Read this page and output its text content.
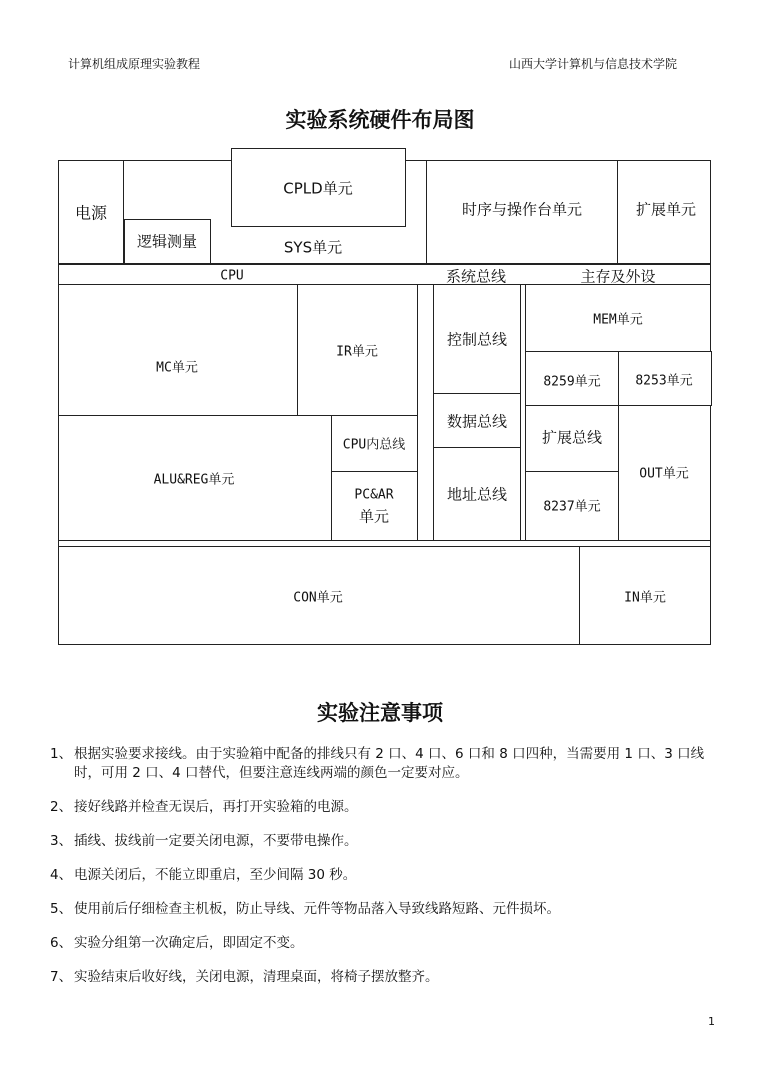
计算机组成原理实验教程	山西大学计算机与信息技术学院
实验系统硬件布局图
电源
逻辑测量
CPLD单元
SYS单元
时序与操作台单元	扩展单元
CPU	系统总线	主存及外设
MC单元
IR单元
ALU&REG单元
CPU内总线
PC&AR
单元
控制总线
数据总线
地址总线
MEM单元
8259单元	8253单元
扩展总线
OUT单元
8237单元
CON单元	IN单元
实验注意事项
1、 根据实验要求接线。由于实验箱中配备的排线只有 2 口、4 口、6 口和 8 口四种，当需要用 1 口、3 口线时，可用 2 口、4 口替代，但要注意连线两端的颜色一定要对应。
2、 接好线路并检查无误后，再打开实验箱的电源。
3、 插线、拔线前一定要关闭电源，不要带电操作。
4、 电源关闭后，不能立即重启，至少间隔 30 秒。
5、 使用前后仔细检查主机板，防止导线、元件等物品落入导致线路短路、元件损坏。
6、 实验分组第一次确定后，即固定不变。
7、 实验结束后收好线，关闭电源，清理桌面，将椅子摆放整齐。
1
